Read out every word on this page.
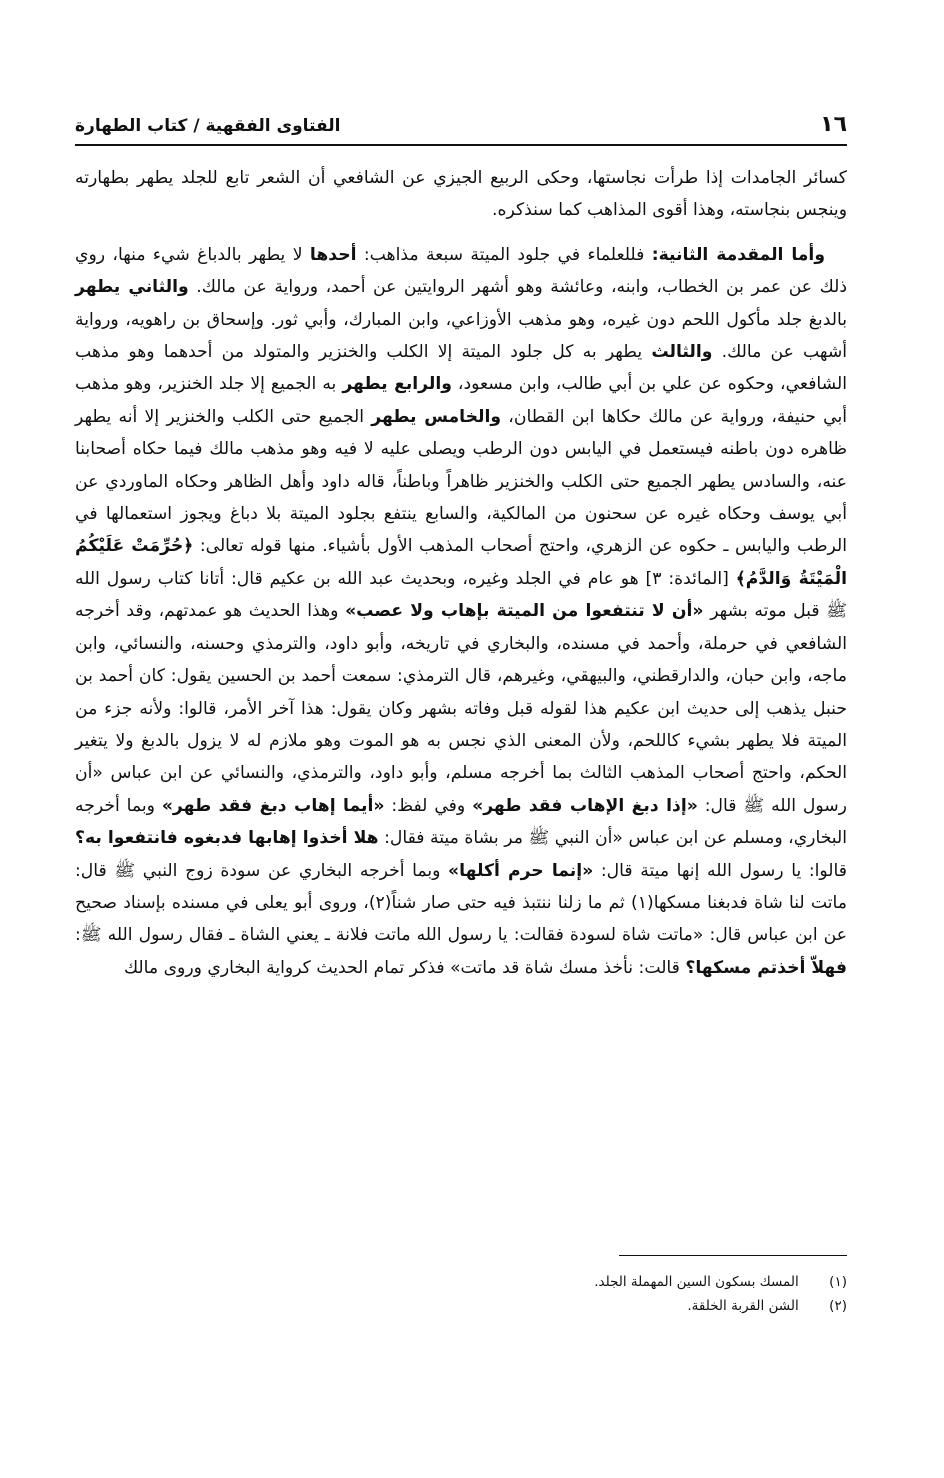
١٦
الفتاوى الفقهية / كتاب الطهارة

كسائر الجامدات إذا طرأت نجاستها، وحكى الربيع الجيزي عن الشافعي أن الشعر تابع للجلد يطهر بطهارته وينجس بنجاسته، وهذا أقوى المذاهب كما سنذكره.

وأما المقدمة الثانية: فللعلماء في جلود الميتة سبعة مذاهب: أحدها لا يطهر بالدباغ شيء منها، روي ذلك عن عمر بن الخطاب، وابنه، وعائشة وهو أشهر الروايتين عن أحمد، ورواية عن مالك. والثاني يطهر بالدبغ جلد مأكول اللحم دون غيره، وهو مذهب الأوزاعي، وابن المبارك، وأبي ثور. وإسحاق بن راهويه، ورواية أشهب عن مالك. والثالث يطهر به كل جلود الميتة إلا الكلب والخنزير والمتولد من أحدهما وهو مذهب الشافعي، وحكوه عن علي بن أبي طالب، وابن مسعود، والرابع يطهر به الجميع إلا جلد الخنزير، وهو مذهب أبي حنيفة، ورواية عن مالك حكاها ابن القطان، والخامس يطهر الجميع حتى الكلب والخنزير إلا أنه يطهر ظاهره دون باطنه فيستعمل في اليابس دون الرطب ويصلى عليه لا فيه وهو مذهب مالك فيما حكاه أصحابنا عنه، والسادس يطهر الجميع حتى الكلب والخنزير ظاهراً وباطناً، قاله داود وأهل الظاهر وحكاه الماوردي عن أبي يوسف وحكاه غيره عن سحنون من المالكية، والسابع ينتفع بجلود الميتة بلا دباغ ويجوز استعمالها في الرطب واليابس ـ حكوه عن الزهري، واحتج أصحاب المذهب الأول بأشياء. منها قوله تعالى: ﴿حُرِّمَتْ عَلَيْكُمُ الْمَيْتَةُ وَالدَّمُ﴾ [المائدة: ٣] هو عام في الجلد وغيره، وبحديث عبد الله بن عكيم قال: أتانا كتاب رسول الله ﷺ قبل موته بشهر «أن لا تنتفعوا من الميتة بإهاب ولا عصب» وهذا الحديث هو عمدتهم، وقد أخرجه الشافعي في حرملة، وأحمد في مسنده، والبخاري في تاريخه، وأبو داود، والترمذي وحسنه، والنسائي، وابن ماجه، وابن حبان، والدارقطني، والبيهقي، وغيرهم، قال الترمذي: سمعت أحمد بن الحسين يقول: كان أحمد بن حنبل يذهب إلى حديث ابن عكيم هذا لقوله قبل وفاته بشهر وكان يقول: هذا آخر الأمر، قالوا: ولأنه جزء من الميتة فلا يطهر بشيء كاللحم، ولأن المعنى الذي نجس به هو الموت وهو ملازم له لا يزول بالدبغ ولا يتغير الحكم، واحتج أصحاب المذهب الثالث بما أخرجه مسلم، وأبو داود، والترمذي، والنسائي عن ابن عباس «أن رسول الله ﷺ قال: «إذا دبغ الإهاب فقد طهر» وفي لفظ: «أيما إهاب دبغ فقد طهر» وبما أخرجه البخاري، ومسلم عن ابن عباس «أن النبي ﷺ مر بشاة ميتة فقال: هلا أخذوا إهابها فدبغوه فانتفعوا به؟ قالوا: يا رسول الله إنها ميتة قال: «إنما حرم أكلها» وبما أخرجه البخاري عن سودة زوج النبي ﷺ قال: ماتت لنا شاة فدبغنا مسكها(١) ثم ما زلنا ننتبذ فيه حتى صار شناً(٢)، وروى أبو يعلى في مسنده بإسناد صحيح عن ابن عباس قال: «ماتت شاة لسودة فقالت: يا رسول الله ماتت فلانة ـ يعني الشاة ـ فقال رسول الله ﷺ: فهلاّ أخذتم مسكها؟ قالت: نأخذ مسك شاة قد ماتت» فذكر تمام الحديث كرواية البخاري وروى مالك

(١) المسك بسكون السين المهملة الجلد.
(٢) الشن القربة الخلقة.
